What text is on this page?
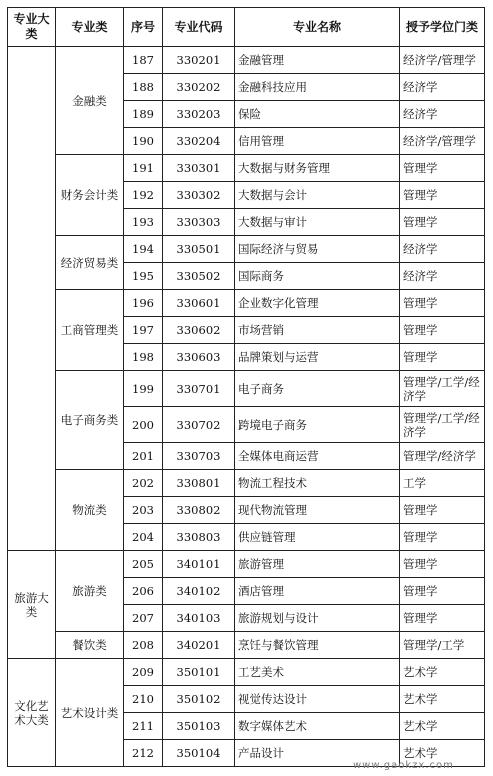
专业大类	专业类	序号	专业代码	专业名称	授予学位门类
	金融类	187	330201	金融管理	经济学/管理学
		188	330202	金融科技应用	经济学
		189	330203	保险	经济学
		190	330204	信用管理	经济学/管理学
	财务会计类	191	330301	大数据与财务管理	管理学
		192	330302	大数据与会计	管理学
		193	330303	大数据与审计	管理学
	经济贸易类	194	330501	国际经济与贸易	经济学
		195	330502	国际商务	经济学
	工商管理类	196	330601	企业数字化管理	管理学
		197	330602	市场营销	管理学
		198	330603	品牌策划与运营	管理学
	电子商务类	199	330701	电子商务	管理学/工学/经济学
		200	330702	跨境电子商务	管理学/工学/经济学
		201	330703	全媒体电商运营	管理学/经济学
	物流类	202	330801	物流工程技术	工学
		203	330802	现代物流管理	管理学
		204	330803	供应链管理	管理学
旅游大类	旅游类	205	340101	旅游管理	管理学
		206	340102	酒店管理	管理学
		207	340103	旅游规划与设计	管理学
	餐饮类	208	340201	烹饪与餐饮管理	管理学/工学
文化艺术大类	艺术设计类	209	350101	工艺美术	艺术学
		210	350102	视觉传达设计	艺术学
		211	350103	数字媒体艺术	艺术学
		212	350104	产品设计	艺术学
www.gaokzx.com
